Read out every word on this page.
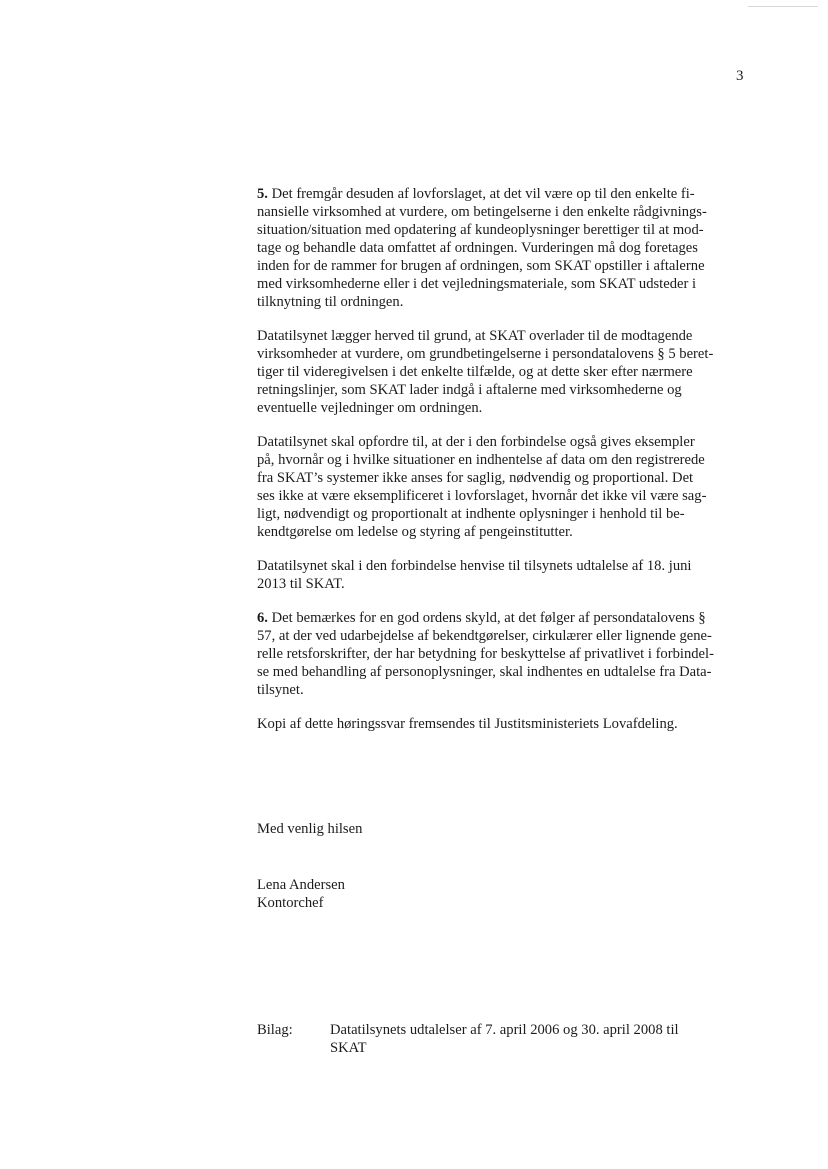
3
5. Det fremgår desuden af lovforslaget, at det vil være op til den enkelte fi-
nansielle virksomhed at vurdere, om betingelserne i den enkelte rådgivnings-
situation/situation med opdatering af kundeoplysninger berettiger til at mod-
tage og behandle data omfattet af ordningen. Vurderingen må dog foretages
inden for de rammer for brugen af ordningen, som SKAT opstiller i aftalerne
med virksomhederne eller i det vejledningsmateriale, som SKAT udsteder i
tilknytning til ordningen.
Datatilsynet lægger herved til grund, at SKAT overlader til de modtagende
virksomheder at vurdere, om grundbetingelserne i persondatalovens § 5 beret-
tiger til videregivelsen i det enkelte tilfælde, og at dette sker efter nærmere
retningslinjer, som SKAT lader indgå i aftalerne med virksomhederne og
eventuelle vejledninger om ordningen.
Datatilsynet skal opfordre til, at der i den forbindelse også gives eksempler
på, hvornår og i hvilke situationer en indhentelse af data om den registrerede
fra SKAT’s systemer ikke anses for saglig, nødvendig og proportional. Det
ses ikke at være eksemplificeret i lovforslaget, hvornår det ikke vil være sag-
ligt, nødvendigt og proportionalt at indhente oplysninger i henhold til be-
kendtgørelse om ledelse og styring af pengeinstitutter.
Datatilsynet skal i den forbindelse henvise til tilsynets udtalelse af 18. juni
2013 til SKAT.
6. Det bemærkes for en god ordens skyld, at det følger af persondatalovens §
57, at der ved udarbejdelse af bekendtgørelser, cirkulærer eller lignende gene-
relle retsforskrifter, der har betydning for beskyttelse af privatlivet i forbindel-
se med behandling af personoplysninger, skal indhentes en udtalelse fra Data-
tilsynet.
Kopi af dette høringssvar fremsendes til Justitsministeriets Lovafdeling.
Med venlig hilsen
Lena Andersen
Kontorchef
Bilag:	Datatilsynets udtalelser af 7. april 2006 og 30. april 2008 til
SKAT
